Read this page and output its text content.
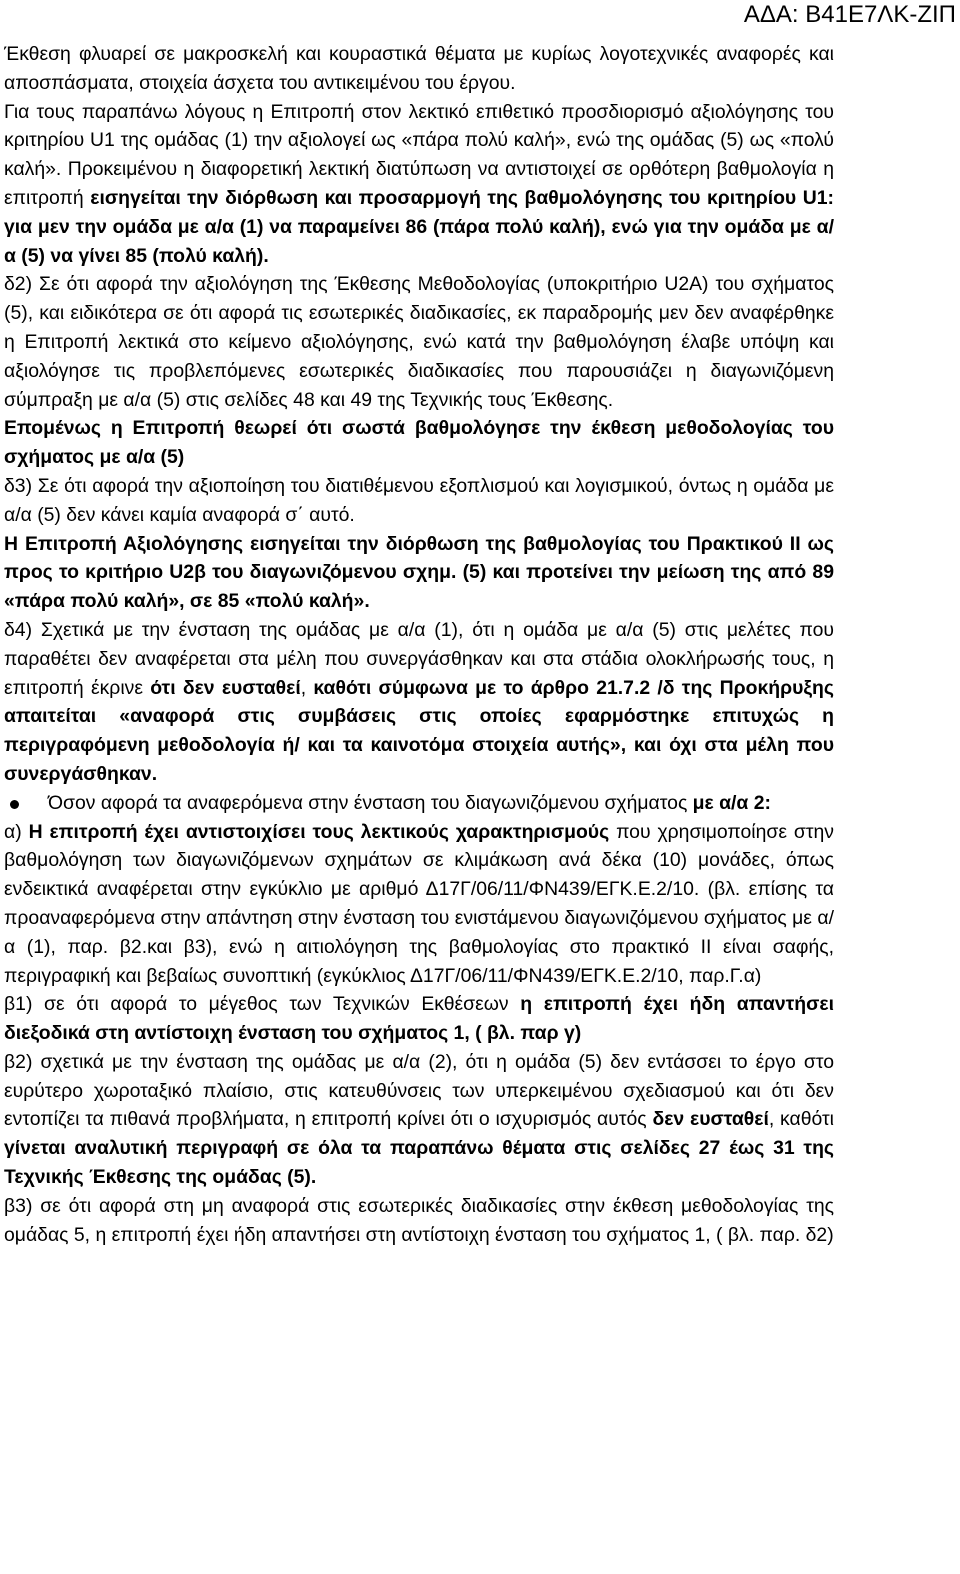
ΑΔΑ: Β41Ε7ΛΚ-ΖΙΠ

Έκθεση φλυαρεί σε μακροσκελή και κουραστικά θέματα με κυρίως λογοτεχνικές αναφορές και αποσπάσματα, στοιχεία άσχετα του αντικειμένου του έργου.

Για τους παραπάνω λόγους η Επιτροπή στον λεκτικό επιθετικό προσδιορισμό αξιολόγησης του κριτηρίου U1 της ομάδας (1) την αξιολογεί ως «πάρα πολύ καλή», ενώ της ομάδας (5) ως «πολύ καλή». Προκειμένου η διαφορετική λεκτική διατύπωση να αντιστοιχεί σε ορθότερη βαθμολογία η επιτροπή εισηγείται την διόρθωση και προσαρμογή της βαθμολόγησης του κριτηρίου U1: για μεν την ομάδα με α/α (1) να παραμείνει 86 (πάρα πολύ καλή), ενώ για την ομάδα με α/α (5) να γίνει 85 (πολύ καλή).

δ2) Σε ότι αφορά την αξιολόγηση της Έκθεσης Μεθοδολογίας (υποκριτήριο U2A) του σχήματος (5), και ειδικότερα σε ότι αφορά τις εσωτερικές διαδικασίες, εκ παραδρομής μεν δεν αναφέρθηκε η Επιτροπή λεκτικά στο κείμενο αξιολόγησης, ενώ κατά την βαθμολόγηση έλαβε υπόψη και αξιολόγησε τις προβλεπόμενες εσωτερικές διαδικασίες που παρουσιάζει η διαγωνιζόμενη σύμπραξη με α/α (5) στις σελίδες 48 και 49 της Τεχνικής τους Έκθεσης.

Επομένως η Επιτροπή θεωρεί ότι σωστά βαθμολόγησε την έκθεση μεθοδολογίας του σχήματος με α/α (5)

δ3) Σε ότι αφορά την αξιοποίηση του διατιθέμενου εξοπλισμού και λογισμικού, όντως η ομάδα με α/α (5) δεν κάνει καμία αναφορά σ΄ αυτό.

Η Επιτροπή Αξιολόγησης εισηγείται την διόρθωση της βαθμολογίας του Πρακτικού ΙΙ ως προς το κριτήριο U2β του διαγωνιζόμενου σχημ. (5) και προτείνει την μείωση της από 89 «πάρα πολύ καλή», σε 85 «πολύ καλή».

δ4) Σχετικά με την ένσταση της ομάδας με α/α (1), ότι η ομάδα με α/α (5) στις μελέτες που παραθέτει δεν αναφέρεται στα μέλη που συνεργάσθηκαν και στα στάδια ολοκλήρωσής τους, η επιτροπή έκρινε ότι δεν ευσταθεί, καθότι σύμφωνα με το άρθρο 21.7.2 /δ της Προκήρυξης απαιτείται «αναφορά στις συμβάσεις στις οποίες εφαρμόστηκε επιτυχώς η περιγραφόμενη μεθοδολογία ή/ και τα καινοτόμα στοιχεία αυτής», και όχι στα μέλη που συνεργάσθηκαν.

Όσον αφορά τα αναφερόμενα στην ένσταση του διαγωνιζόμενου σχήματος με α/α 2:

α) Η επιτροπή έχει αντιστοιχίσει τους λεκτικούς χαρακτηρισμούς που χρησιμοποίησε στην βαθμολόγηση των διαγωνιζόμενων σχημάτων σε κλιμάκωση ανά δέκα (10) μονάδες, όπως ενδεικτικά αναφέρεται στην εγκύκλιο με αριθμό Δ17Γ/06/11/ΦΝ439/ΕΓΚ.Ε.2/10. (βλ. επίσης τα προαναφερόμενα στην απάντηση στην ένσταση του ενιστάμενου διαγωνιζόμενου σχήματος με α/α (1), παρ. β2.και β3), ενώ η αιτιολόγηση της βαθμολογίας στο πρακτικό ΙΙ είναι σαφής, περιγραφική και βεβαίως συνοπτική (εγκύκλιος Δ17Γ/06/11/ΦΝ439/ΕΓΚ.Ε.2/10, παρ.Γ.α)

β1) σε ότι αφορά το μέγεθος των Τεχνικών Εκθέσεων η επιτροπή έχει ήδη απαντήσει διεξοδικά στη αντίστοιχη ένσταση του σχήματος 1, ( βλ. παρ γ)

β2) σχετικά με την ένσταση της ομάδας με α/α (2), ότι η ομάδα (5) δεν εντάσσει το έργο στο ευρύτερο χωροταξικό πλαίσιο, στις κατευθύνσεις των υπερκειμένου σχεδιασμού και ότι δεν εντοπίζει τα πιθανά προβλήματα, η επιτροπή κρίνει ότι ο ισχυρισμός αυτός δεν ευσταθεί, καθότι γίνεται αναλυτική περιγραφή σε όλα τα παραπάνω θέματα στις σελίδες 27 έως 31 της Τεχνικής Έκθεσης της ομάδας (5).

β3) σε ότι αφορά στη μη αναφορά στις εσωτερικές διαδικασίες στην έκθεση μεθοδολογίας της ομάδας 5, η επιτροπή έχει ήδη απαντήσει στη αντίστοιχη ένσταση του σχήματος 1, ( βλ. παρ. δ2)
